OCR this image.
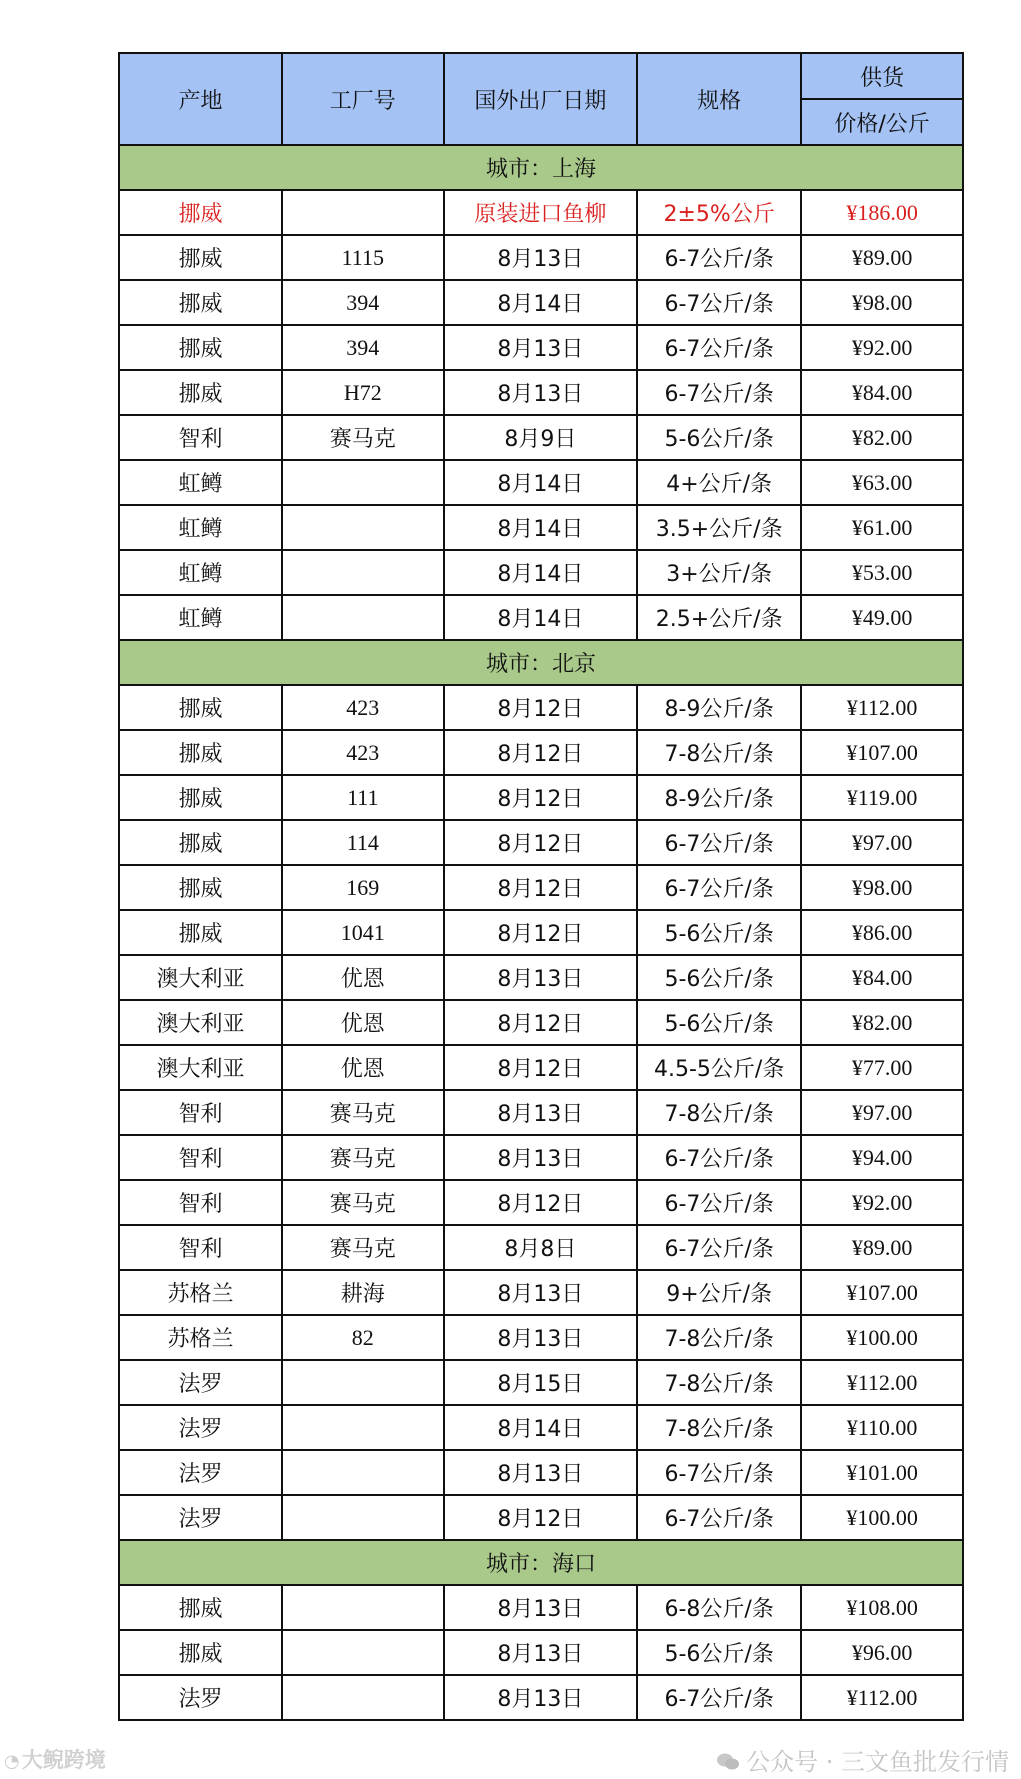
产地	工厂号	国外出厂日期	规格	供货
				价格/公斤
城市：上海				
挪威		原装进口鱼柳	2±5%公斤	¥186.00
挪威	1115	8月13日	6-7公斤/条	¥89.00
挪威	394	8月14日	6-7公斤/条	¥98.00
挪威	394	8月13日	6-7公斤/条	¥92.00
挪威	H72	8月13日	6-7公斤/条	¥84.00
智利	赛马克	8月9日	5-6公斤/条	¥82.00
虹鳟		8月14日	4+公斤/条	¥63.00
虹鳟		8月14日	3.5+公斤/条	¥61.00
虹鳟		8月14日	3+公斤/条	¥53.00
虹鳟		8月14日	2.5+公斤/条	¥49.00
城市：北京				
挪威	423	8月12日	8-9公斤/条	¥112.00
挪威	423	8月12日	7-8公斤/条	¥107.00
挪威	111	8月12日	8-9公斤/条	¥119.00
挪威	114	8月12日	6-7公斤/条	¥97.00
挪威	169	8月12日	6-7公斤/条	¥98.00
挪威	1041	8月12日	5-6公斤/条	¥86.00
澳大利亚	优恩	8月13日	5-6公斤/条	¥84.00
澳大利亚	优恩	8月12日	5-6公斤/条	¥82.00
澳大利亚	优恩	8月12日	4.5-5公斤/条	¥77.00
智利	赛马克	8月13日	7-8公斤/条	¥97.00
智利	赛马克	8月13日	6-7公斤/条	¥94.00
智利	赛马克	8月12日	6-7公斤/条	¥92.00
智利	赛马克	8月8日	6-7公斤/条	¥89.00
苏格兰	耕海	8月13日	9+公斤/条	¥107.00
苏格兰	82	8月13日	7-8公斤/条	¥100.00
法罗		8月15日	7-8公斤/条	¥112.00
法罗		8月14日	7-8公斤/条	¥110.00
法罗		8月13日	6-7公斤/条	¥101.00
法罗		8月12日	6-7公斤/条	¥100.00
城市：海口				
挪威		8月13日	6-8公斤/条	¥108.00
挪威		8月13日	5-6公斤/条	¥96.00
法罗		8月13日	6-7公斤/条	¥112.00
◔大鲵跨境	公众号 · 三文鱼批发行情
